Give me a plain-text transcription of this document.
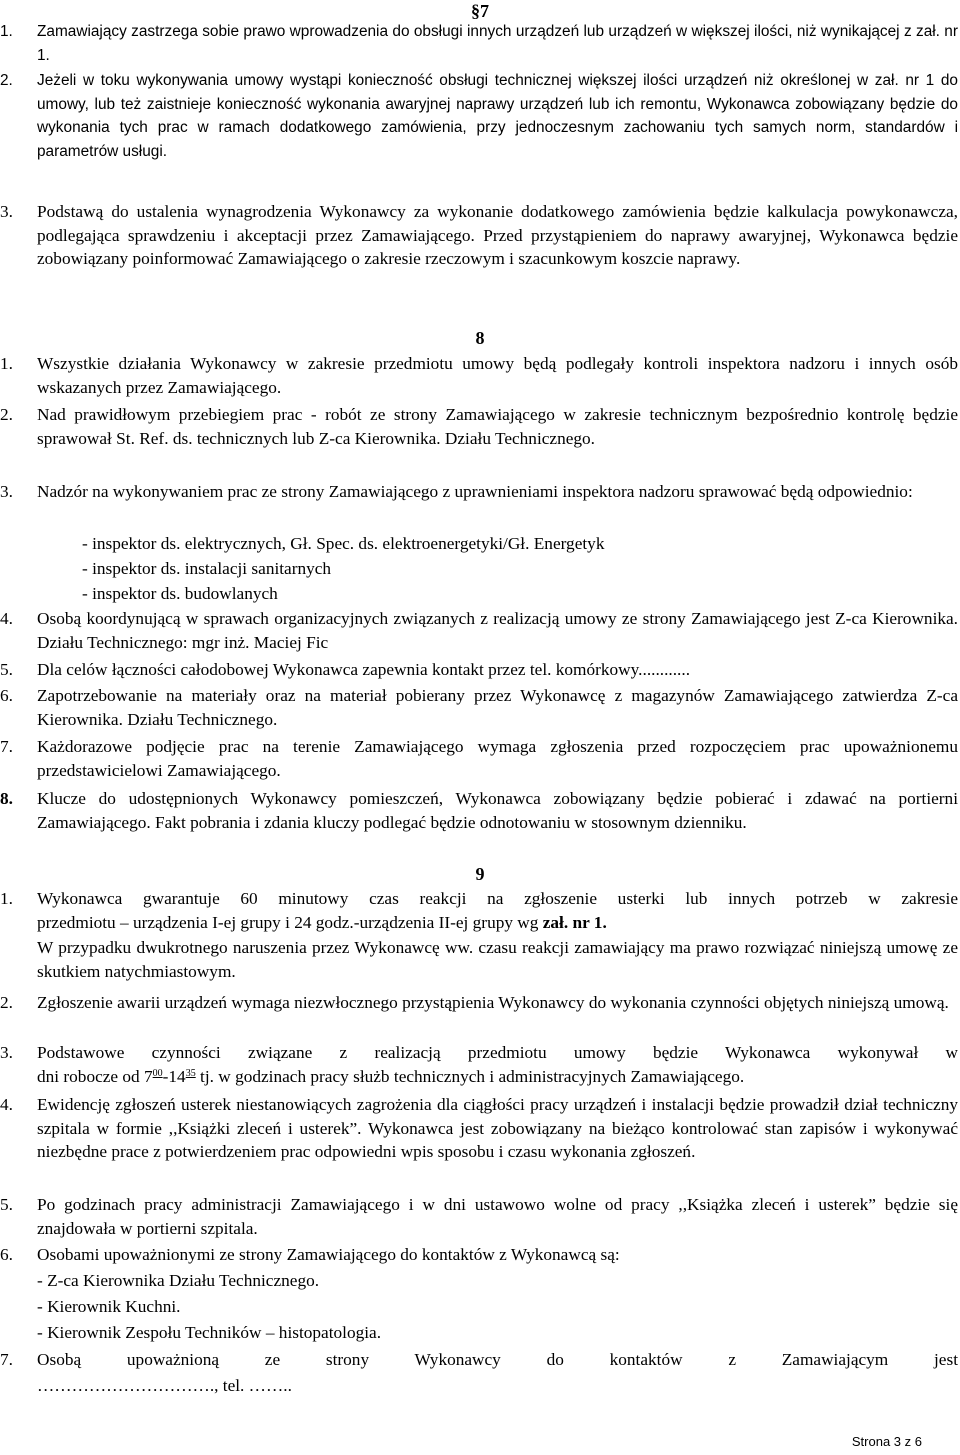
§7
1. Zamawiający zastrzega sobie prawo wprowadzenia do obsługi innych urządzeń lub urządzeń w większej ilości, niż wynikającej z zał. nr 1.
2. Jeżeli w toku wykonywania umowy wystąpi konieczność obsługi technicznej większej ilości urządzeń niż określonej w zał. nr 1 do umowy, lub też zaistnieje konieczność wykonania awaryjnej naprawy urządzeń lub ich remontu, Wykonawca zobowiązany będzie do wykonania tych prac w ramach dodatkowego zamówienia, przy jednoczesnym zachowaniu tych samych norm, standardów i parametrów usługi.
3. Podstawą do ustalenia wynagrodzenia Wykonawcy za wykonanie dodatkowego zamówienia będzie kalkulacja powykonawcza, podlegająca sprawdzeniu i akceptacji przez Zamawiającego. Przed przystąpieniem do naprawy awaryjnej, Wykonawca będzie zobowiązany poinformować Zamawiającego o zakresie rzeczowym i szacunkowym koszcie naprawy.
8
1. Wszystkie działania Wykonawcy w zakresie przedmiotu umowy będą podlegały kontroli inspektora nadzoru i innych osób wskazanych przez Zamawiającego.
2. Nad prawidłowym przebiegiem prac - robót ze strony Zamawiającego w zakresie technicznym bezpośrednio kontrolę będzie sprawował St. Ref. ds. technicznych lub Z-ca Kierownika. Działu Technicznego.
3. Nadzór na wykonywaniem prac ze strony Zamawiającego z uprawnieniami inspektora nadzoru sprawować będą odpowiednio:
- inspektor ds. elektrycznych, Gł. Spec. ds. elektroenergetyki/Gł. Energetyk
- inspektor ds. instalacji sanitarnych
- inspektor ds. budowlanych
4. Osobą koordynującą w sprawach organizacyjnych związanych z realizacją umowy ze strony Zamawiającego jest Z-ca Kierownika. Działu Technicznego: mgr inż. Maciej Fic
5. Dla celów łączności całodobowej Wykonawca zapewnia kontakt przez tel. komórkowy............
6. Zapotrzebowanie na materiały oraz na materiał pobierany przez Wykonawcę z magazynów Zamawiającego zatwierdza Z-ca Kierownika. Działu Technicznego.
7. Każdorazowe podjęcie prac na terenie Zamawiającego wymaga zgłoszenia przed rozpoczęciem prac upoważnionemu przedstawicielowi Zamawiającego.
8. Klucze do udostępnionych Wykonawcy pomieszczeń, Wykonawca zobowiązany będzie pobierać i zdawać na portierni Zamawiającego. Fakt pobrania i zdania kluczy podlegać będzie odnotowaniu w stosownym dzienniku.
9
1. Wykonawca gwarantuje 60 minutowy czas reakcji na zgłoszenie usterki lub innych potrzeb w zakresie
przedmiotu – urządzenia I-ej grupy i 24 godz.-urządzenia II-ej grupy wg zał. nr 1.
W przypadku dwukrotnego naruszenia przez Wykonawcę ww. czasu reakcji zamawiający ma prawo rozwiązać niniejszą umowę ze skutkiem natychmiastowym.
2. Zgłoszenie awarii urządzeń wymaga niezwłocznego przystąpienia Wykonawcy do wykonania czynności objętych niniejszą umową.
3. Podstawowe czynności związane z realizacją przedmiotu umowy będzie Wykonawca wykonywał w
dni robocze od $7^{00}-14^{35}$ tj. w godzinach pracy służb technicznych i administracyjnych Zamawiającego.
4. Ewidencję zgłoszeń usterek niestanowiących zagrożenia dla ciągłości pracy urządzeń i instalacji będzie prowadził dział techniczny szpitala w formie ,,Książki zleceń i usterek”. Wykonawca jest zobowiązany na bieżąco kontrolować stan zapisów i wykonywać niezbędne prace z potwierdzeniem prac odpowiedni wpis sposobu i czasu wykonania zgłoszeń.
5. Po godzinach pracy administracji Zamawiającego i w dni ustawowo wolne od pracy ,,Książka zleceń i usterek” będzie się znajdowała w portierni szpitala.
6. Osobami upoważnionymi ze strony Zamawiającego do kontaktów z Wykonawcą są:
- Z-ca Kierownika Działu Technicznego.
- Kierownik Kuchni.
- Kierownik Zespołu Techników – histopatologia.
7. Osobą upoważnioną ze strony Wykonawcy do kontaktów z Zamawiającym jest
…………………………., tel. ……..
Strona 3 z 6
